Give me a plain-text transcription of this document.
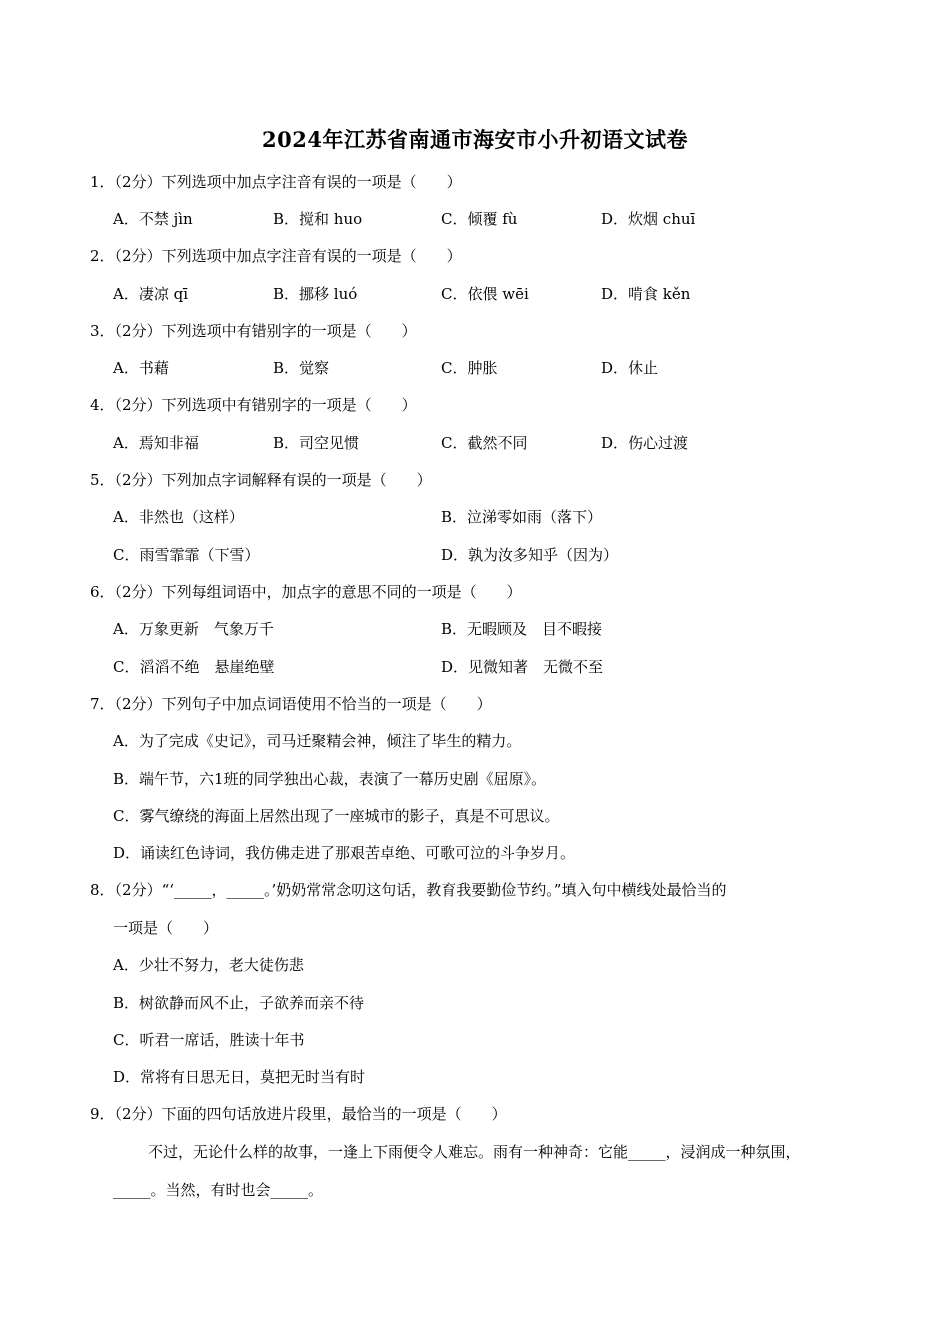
2024年江苏省南通市海安市小升初语文试卷
1．（2分）下列选项中加点字注音有误的一项是（　　）
A．不禁 jìn	B．搅和 huo	C．倾覆 fù	D．炊烟 chuī
2．（2分）下列选项中加点字注音有误的一项是（　　）
A．凄凉 qī	B．挪移 luó	C．依偎 wēi	D．啃食 kěn
3．（2分）下列选项中有错别字的一项是（　　）
A．书藉	B．觉察	C．肿胀	D．休止
4．（2分）下列选项中有错别字的一项是（　　）
A．焉知非福	B．司空见惯	C．截然不同	D．伤心过渡
5．（2分）下列加点字词解释有误的一项是（　　）
A．非然也（这样）	B．泣涕零如雨（落下）
C．雨雪霏霏（下雪）	D．孰为汝多知乎（因为）
6．（2分）下列每组词语中，加点字的意思不同的一项是（　　）
A．万象更新　气象万千	B．无暇顾及　目不暇接
C．滔滔不绝　悬崖绝壁	D．见微知著　无微不至
7．（2分）下列句子中加点词语使用不恰当的一项是（　　）
A．为了完成《史记》，司马迁聚精会神，倾注了毕生的精力。
B．端午节，六1班的同学独出心裁，表演了一幕历史剧《屈原》。
C．雾气缭绕的海面上居然出现了一座城市的影子，真是不可思议。
D．诵读红色诗词，我仿佛走进了那艰苦卓绝、可歌可泣的斗争岁月。
8．（2分）“‘_____，_____。’奶奶常常念叨这句话，教育我要勤俭节约。”填入句中横线处最恰当的
一项是（　　）
A．少壮不努力，老大徒伤悲
B．树欲静而风不止，子欲养而亲不待
C．听君一席话，胜读十年书
D．常将有日思无日，莫把无时当有时
9．（2分）下面的四句话放进片段里，最恰当的一项是（　　）
不过，无论什么样的故事，一逢上下雨便令人难忘。雨有一种神奇：它能_____，浸润成一种氛围，
_____。当然，有时也会_____。
